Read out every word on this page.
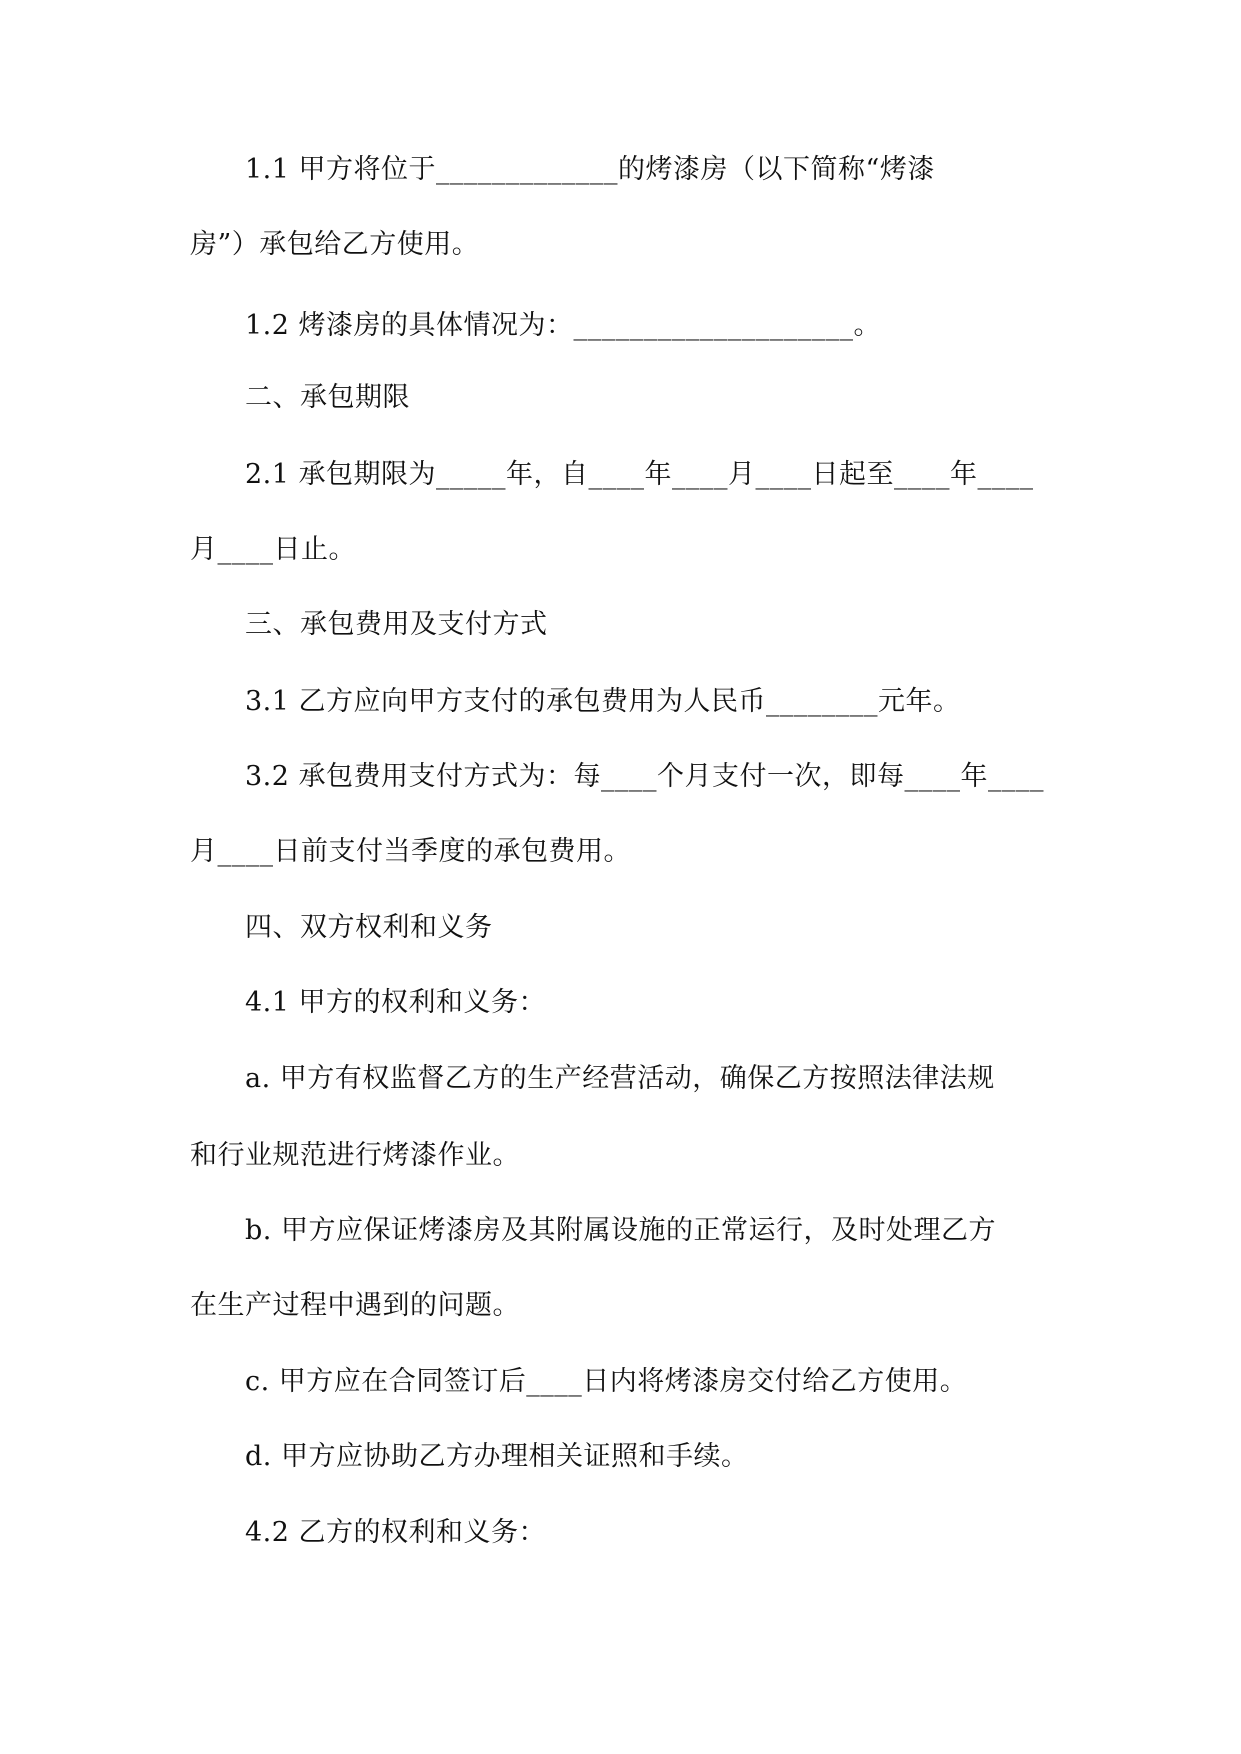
1.1 甲方将位于_____________的烤漆房（以下简称“烤漆
房”）承包给乙方使用。
1.2 烤漆房的具体情况为：____________________。
二、承包期限
2.1 承包期限为_____年，自____年____月____日起至____年____
月____日止。
三、承包费用及支付方式
3.1 乙方应向甲方支付的承包费用为人民币________元年。
3.2 承包费用支付方式为：每____个月支付一次，即每____年____
月____日前支付当季度的承包费用。
四、双方权利和义务
4.1 甲方的权利和义务：
a. 甲方有权监督乙方的生产经营活动，确保乙方按照法律法规
和行业规范进行烤漆作业。
b. 甲方应保证烤漆房及其附属设施的正常运行，及时处理乙方
在生产过程中遇到的问题。
c. 甲方应在合同签订后____日内将烤漆房交付给乙方使用。
d. 甲方应协助乙方办理相关证照和手续。
4.2 乙方的权利和义务：
